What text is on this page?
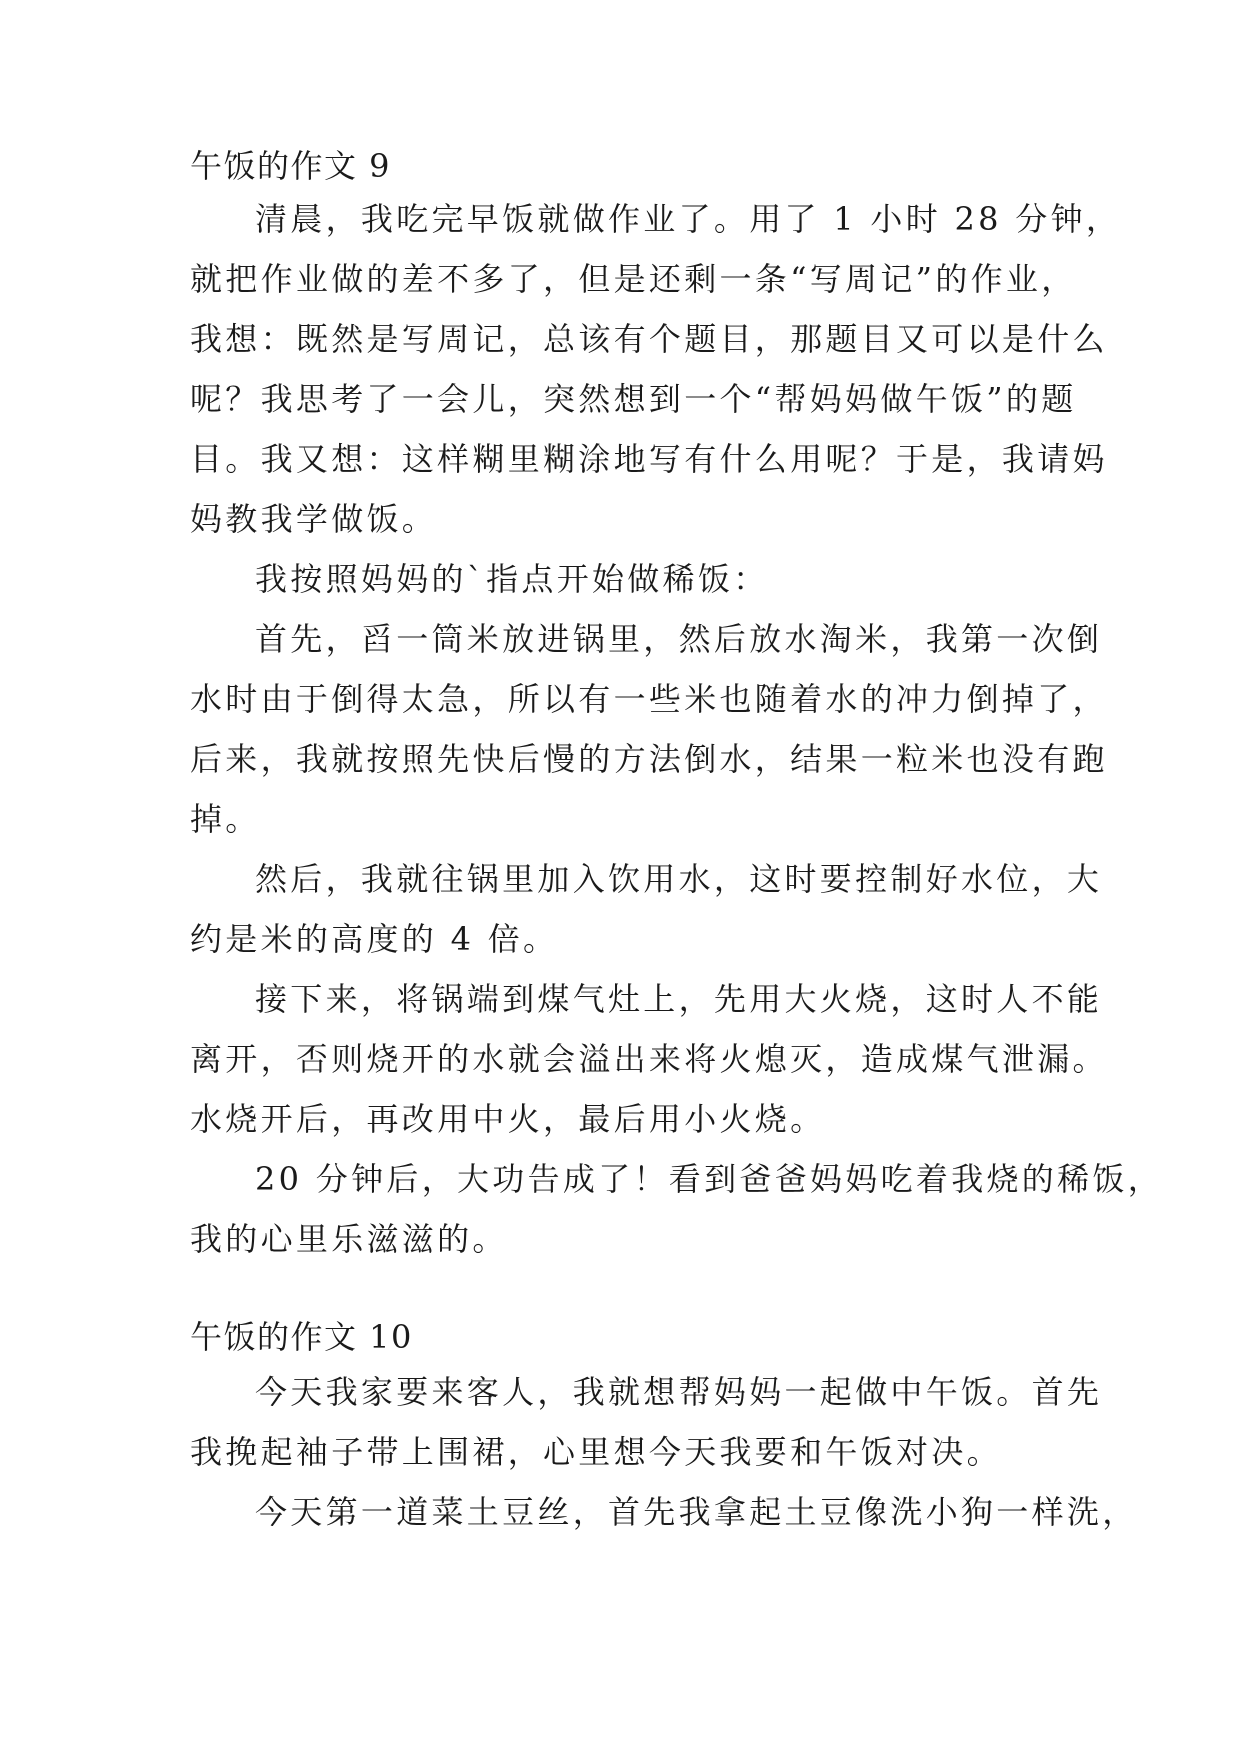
午饭的作文 9
清晨，我吃完早饭就做作业了。用了 1 小时 28 分钟，
就把作业做的差不多了，但是还剩一条“写周记”的作业，
我想：既然是写周记，总该有个题目，那题目又可以是什么
呢？我思考了一会儿，突然想到一个“帮妈妈做午饭”的题
目。我又想：这样糊里糊涂地写有什么用呢？于是，我请妈
妈教我学做饭。
我按照妈妈的`指点开始做稀饭：
首先，舀一筒米放进锅里，然后放水淘米，我第一次倒
水时由于倒得太急，所以有一些米也随着水的冲力倒掉了，
后来，我就按照先快后慢的方法倒水，结果一粒米也没有跑
掉。
然后，我就往锅里加入饮用水，这时要控制好水位，大
约是米的高度的 4 倍。
接下来，将锅端到煤气灶上，先用大火烧，这时人不能
离开，否则烧开的水就会溢出来将火熄灭，造成煤气泄漏。
水烧开后，再改用中火，最后用小火烧。
20 分钟后，大功告成了！看到爸爸妈妈吃着我烧的稀饭，
我的心里乐滋滋的。
午饭的作文 10
今天我家要来客人，我就想帮妈妈一起做中午饭。首先
我挽起袖子带上围裙，心里想今天我要和午饭对决。
今天第一道菜土豆丝，首先我拿起土豆像洗小狗一样洗，
